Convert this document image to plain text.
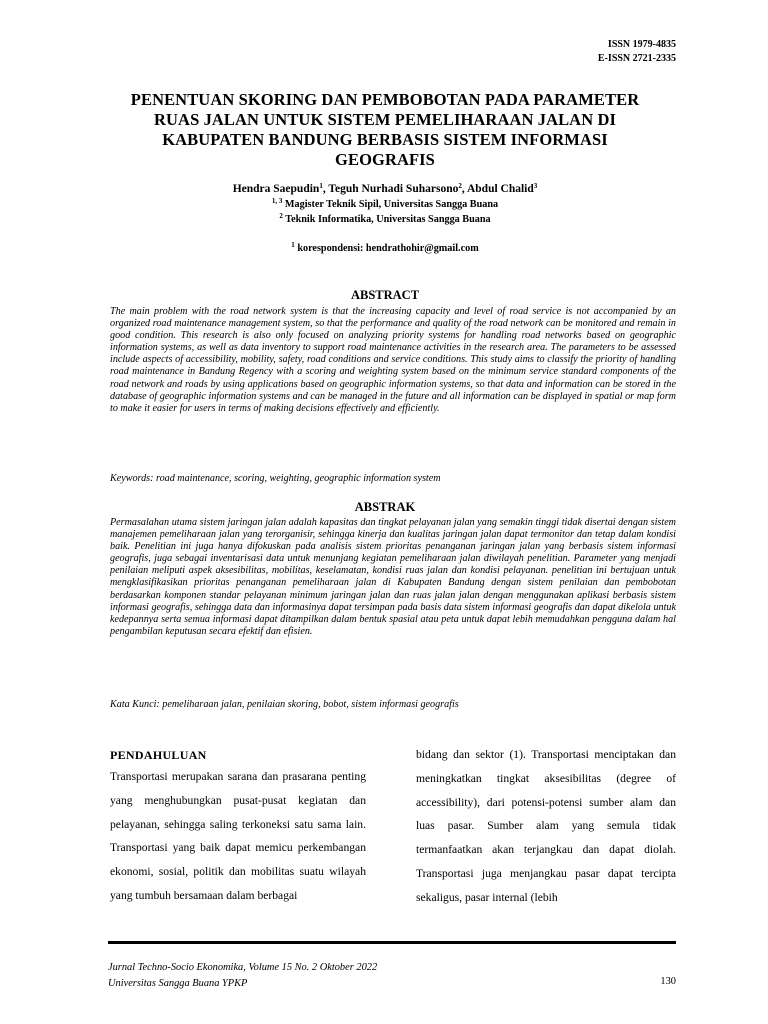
ISSN 1979-4835
E-ISSN 2721-2335
PENENTUAN SKORING DAN PEMBOBOTAN PADA PARAMETER
RUAS JALAN UNTUK SISTEM PEMELIHARAAN JALAN DI
KABUPATEN BANDUNG BERBASIS SISTEM INFORMASI
GEOGRAFIS
Hendra Saepudin$^1$, Teguh Nurhadi Suharsono$^2$, Abdul Chalid$^3$
$^{1, 3}$ Magister Teknik Sipil, Universitas Sangga Buana
$^2$ Teknik Informatika, Universitas Sangga Buana
$^1$ korespondensi: hendrathohir@gmail.com
ABSTRACT
The main problem with the road network system is that the increasing capacity and level of road service is not accompanied by an organized road maintenance management system, so that the performance and quality of the road network can be monitored and remain in good condition. This research is also only focused on analyzing priority systems for handling road networks based on geographic information systems, as well as data inventory to support road maintenance activities in the research area. The parameters to be assessed include aspects of accessibility, mobility, safety, road conditions and service conditions. This study aims to classify the priority of handling road maintenance in Bandung Regency with a scoring and weighting system based on the minimum service standard components of the road network and roads by using applications based on geographic information systems, so that data and information can be stored in the database of geographic information systems and can be managed in the future and all information can be displayed in spatial or map form to make it easier for users in terms of making decisions effectively and efficiently.
Keywords: road maintenance, scoring, weighting, geographic information system
ABSTRAK
Permasalahan utama sistem jaringan jalan adalah kapasitas dan tingkat pelayanan jalan yang semakin tinggi tidak disertai dengan sistem manajemen pemeliharaan jalan yang terorganisir, sehingga kinerja dan kualitas jaringan jalan dapat termonitor dan tetap dalam kondisi baik. Penelitian ini juga hanya difokuskan pada analisis sistem prioritas penanganan jaringan jalan yang berbasis sistem informasi geografis, juga sebagai inventarisasi data untuk menunjang kegiatan pemeliharaan jalan diwilayah penelitian. Parameter yang menjadi penilaian meliputi aspek aksesibilitas, mobilitas, keselamatan, kondisi ruas jalan dan kondisi pelayanan. penelitian ini bertujuan untuk mengklasifikasikan prioritas penanganan pemeliharaan jalan di Kabupaten Bandung dengan sistem penilaian dan pembobotan berdasarkan komponen standar pelayanan minimum jaringan jalan dan ruas jalan jalan dengan menggunakan aplikasi berbasis sistem informasi geografis, sehingga data dan informasinya dapat tersimpan pada basis data sistem informasi geografis dan dapat dikelola untuk kedepannya serta semua informasi dapat ditampilkan dalam bentuk spasial atau peta untuk dapat lebih memudahkan pengguna dalam hal pengambilan keputusan secara efektif dan efisien.
Kata Kunci: pemeliharaan jalan, penilaian skoring, bobot, sistem informasi geografis
PENDAHULUAN
Transportasi merupakan sarana dan prasarana penting yang menghubungkan pusat-pusat kegiatan dan pelayanan, sehingga saling terkoneksi satu sama lain. Transportasi yang baik dapat memicu perkembangan ekonomi, sosial, politik dan mobilitas suatu wilayah yang tumbuh bersamaan dalam berbagai
bidang dan sektor (1). Transportasi menciptakan dan meningkatkan tingkat aksesibilitas (degree of accessibility), dari potensi-potensi sumber alam dan luas pasar. Sumber alam yang semula tidak termanfaatkan akan terjangkau dan dapat diolah. Transportasi juga menjangkau pasar dapat tercipta sekaligus, pasar internal (lebih
Jurnal Techno-Socio Ekonomika, Volume 15 No. 2 Oktober 2022
Universitas Sangga Buana YPKP	130
